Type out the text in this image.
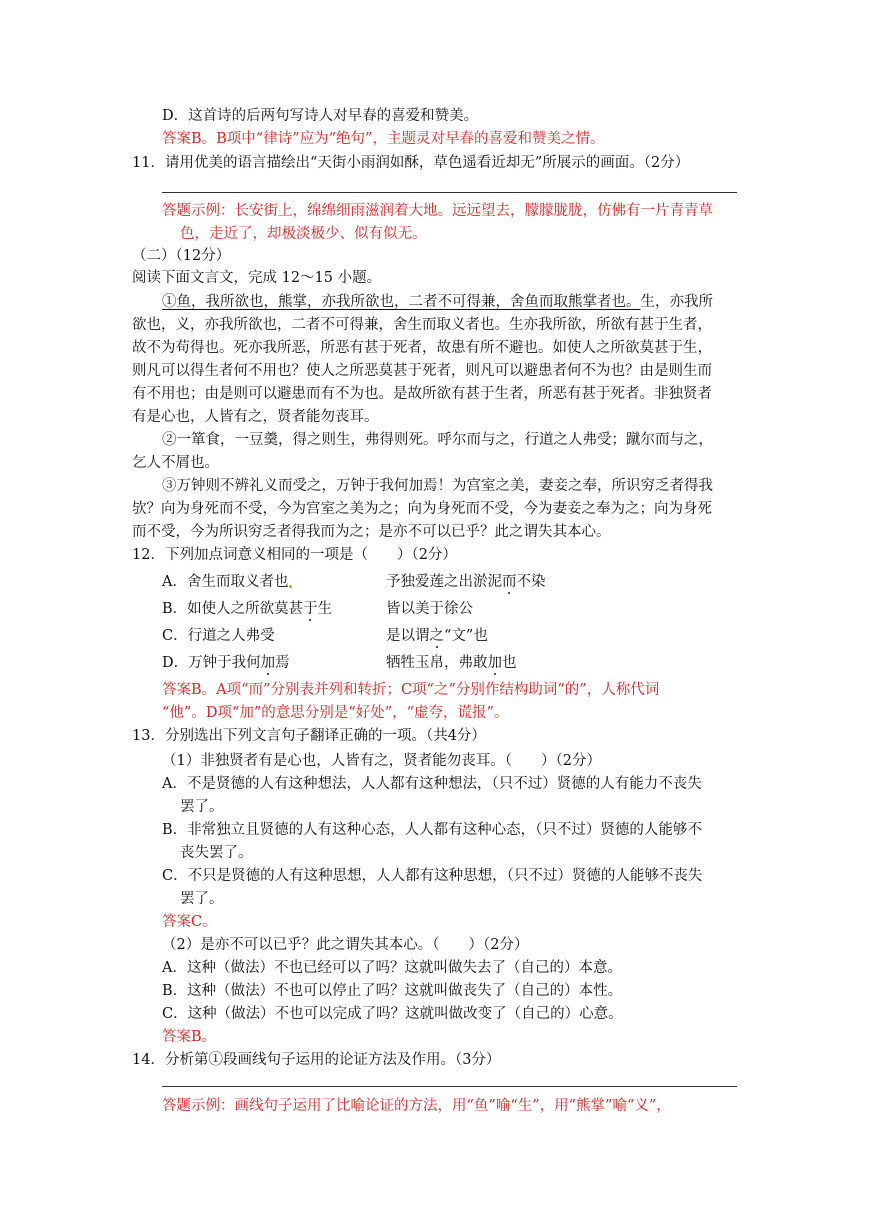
D．这首诗的后两句写诗人对早春的喜爱和赞美。
答案B。B项中“律诗”应为“绝句”，主题灵对早春的喜爱和赞美之情。
11．请用优美的语言描绘出“天街小雨润如酥，草色遥看近却无”所展示的画面。（2分）
答题示例：长安街上，绵绵细雨滋润着大地。远远望去，朦朦胧胧，仿佛有一片青青草
色，走近了，却极淡极少、似有似无。
（二）（12分）
阅读下面文言文，完成 12～15 小题。
①鱼，我所欲也，熊掌，亦我所欲也，二者不可得兼，舍鱼而取熊掌者也。生，亦我所
欲也，义，亦我所欲也，二者不可得兼，舍生而取义者也。生亦我所欲，所欲有甚于生者，
故不为苟得也。死亦我所恶，所恶有甚于死者，故患有所不避也。如使人之所欲莫甚于生，
则凡可以得生者何不用也？使人之所恶莫甚于死者，则凡可以避患者何不为也？由是则生而
有不用也；由是则可以避患而有不为也。是故所欲有甚于生者，所恶有甚于死者。非独贤者
有是心也，人皆有之，贤者能勿丧耳。
②一箪食，一豆羹，得之则生，弗得则死。呼尔而与之，行道之人弗受；蹴尔而与之，
乞人不屑也。
③万钟则不辨礼义而受之，万钟于我何加焉！为宫室之美，妻妾之奉，所识穷乏者得我
欤？向为身死而不受，今为宫室之美为之；向为身死而不受，今为妻妾之奉为之；向为身死
而不受，今为所识穷乏者得我而为之；是亦不可以已乎？此之谓失其本心。
12．下列加点词意义相同的一项是（　　）（2分）
A．舍生而取义者也	予独爱莲之出淤泥而不染
B．如使人之所欲莫甚于生	皆以美于徐公
C．行道之人弗受	是以谓之“文”也
D．万钟于我何加焉	牺牲玉帛，弗敢加也
答案B。A项“而”分别表并列和转折；C项“之”分别作结构助词“的”，人称代词
“他”。D项“加”的意思分别是“好处”，“虚夸，谎报”。
13．分别选出下列文言句子翻译正确的一项。（共4分）
（1）非独贤者有是心也，人皆有之，贤者能勿丧耳。（　　）（2分）
A．不是贤德的人有这种想法，人人都有这种想法，（只不过）贤德的人有能力不丧失
罢了。
B．非常独立且贤德的人有这种心态，人人都有这种心态，（只不过）贤德的人能够不
丧失罢了。
C．不只是贤德的人有这种思想，人人都有这种思想，（只不过）贤德的人能够不丧失
罢了。
答案C。
（2）是亦不可以已乎？此之谓失其本心。（　　）（2分）
A．这种（做法）不也已经可以了吗？这就叫做失去了（自己的）本意。
B．这种（做法）不也可以停止了吗？这就叫做丧失了（自己的）本性。
C．这种（做法）不也可以完成了吗？这就叫做改变了（自己的）心意。
答案B。
14．分析第①段画线句子运用的论证方法及作用。（3分）
答题示例：画线句子运用了比喻论证的方法，用“鱼”喻“生”，用“熊掌”喻“义”，
